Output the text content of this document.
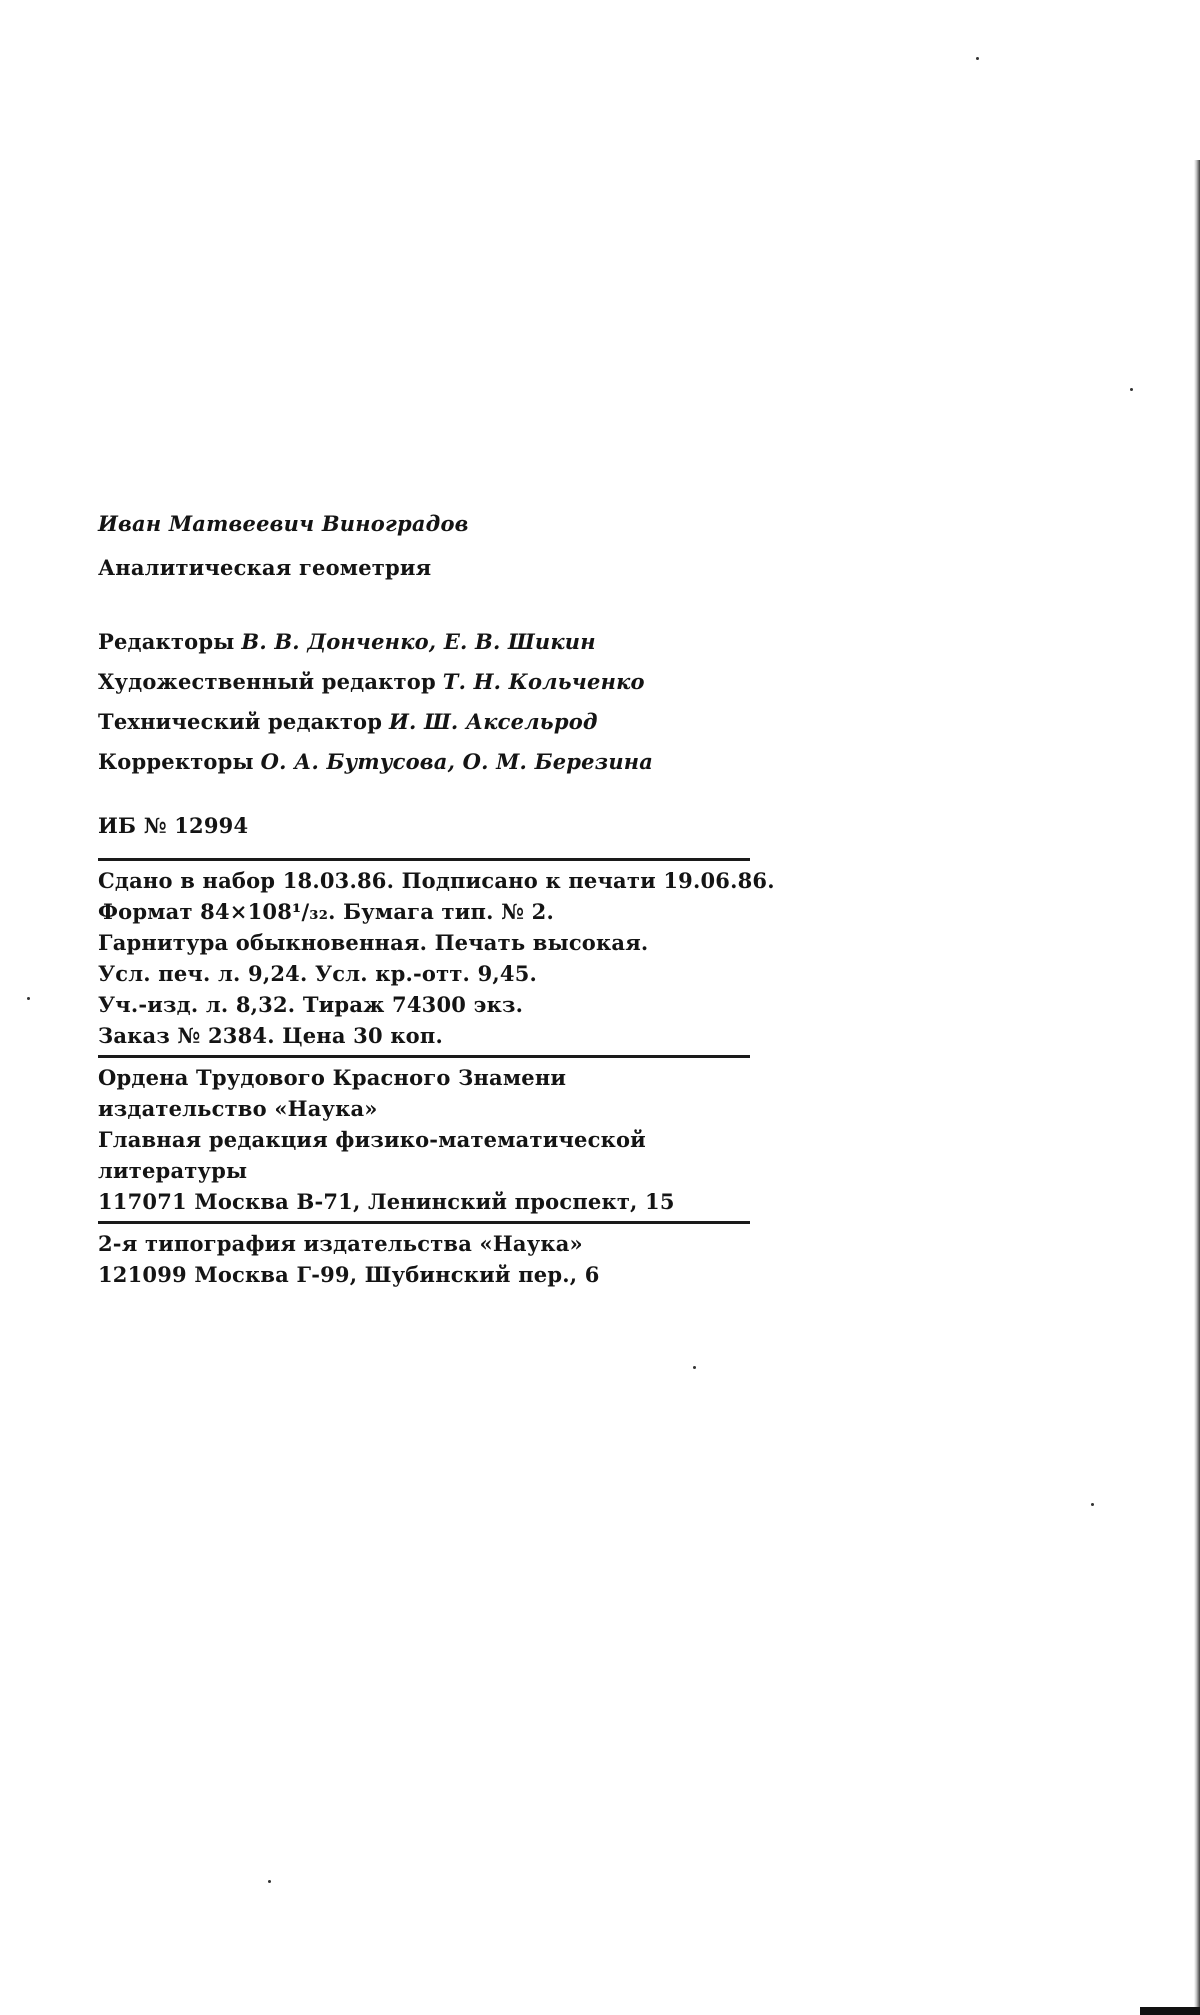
Иван Матвеевич Виноградов
Аналитическая геометрия
Редакторы В. В. Донченко, Е. В. Шикин
Художественный редактор Т. Н. Кольченко
Технический редактор И. Ш. Аксельрод
Корректоры О. А. Бутусова, О. М. Березина
ИБ № 12994
Сдано в набор 18.03.86. Подписано к печати 19.06.86.
Формат 84×108¹/₃₂. Бумага тип. № 2.
Гарнитура обыкновенная. Печать высокая.
Усл. печ. л. 9,24. Усл. кр.-отт. 9,45.
Уч.-изд. л. 8,32. Тираж 74300 экз.
Заказ № 2384. Цена 30 коп.
Ордена Трудового Красного Знамени
издательство «Наука»
Главная редакция физико-математической
литературы
117071 Москва В-71, Ленинский проспект, 15
2-я типография издательства «Наука»
121099 Москва Г-99, Шубинский пер., 6
